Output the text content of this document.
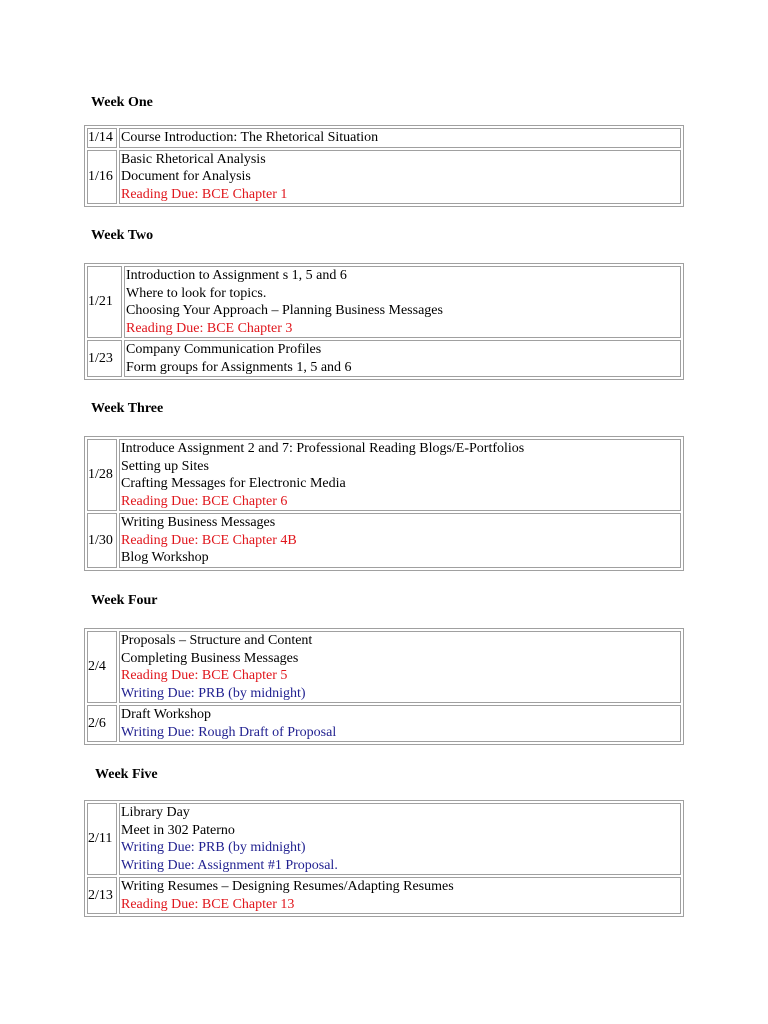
Week One
1/14	Course Introduction: The Rhetorical Situation

1/16	Basic Rhetorical Analysis
Document for Analysis
Reading Due: BCE Chapter 1
Week Two
1/21	Introduction to Assignment s 1, 5 and 6
Where to look for topics.
Choosing Your Approach – Planning Business Messages
Reading Due: BCE Chapter 3

1/23	Company Communication Profiles
Form groups for Assignments 1, 5 and 6
Week Three
1/28	Introduce Assignment 2 and 7: Professional Reading Blogs/E-Portfolios
Setting up Sites
Crafting Messages for Electronic Media
Reading Due: BCE Chapter 6

1/30	Writing Business Messages
Reading Due: BCE Chapter 4B
Blog Workshop
Week Four
2/4	Proposals – Structure and Content
Completing Business Messages
Reading Due: BCE Chapter 5
Writing Due: PRB (by midnight)

2/6	Draft Workshop
Writing Due: Rough Draft of Proposal
Week Five
2/11	Library Day
Meet in 302 Paterno
Writing Due: PRB (by midnight)
Writing Due: Assignment #1 Proposal.

2/13	Writing Resumes – Designing Resumes/Adapting Resumes
Reading Due: BCE Chapter 13
